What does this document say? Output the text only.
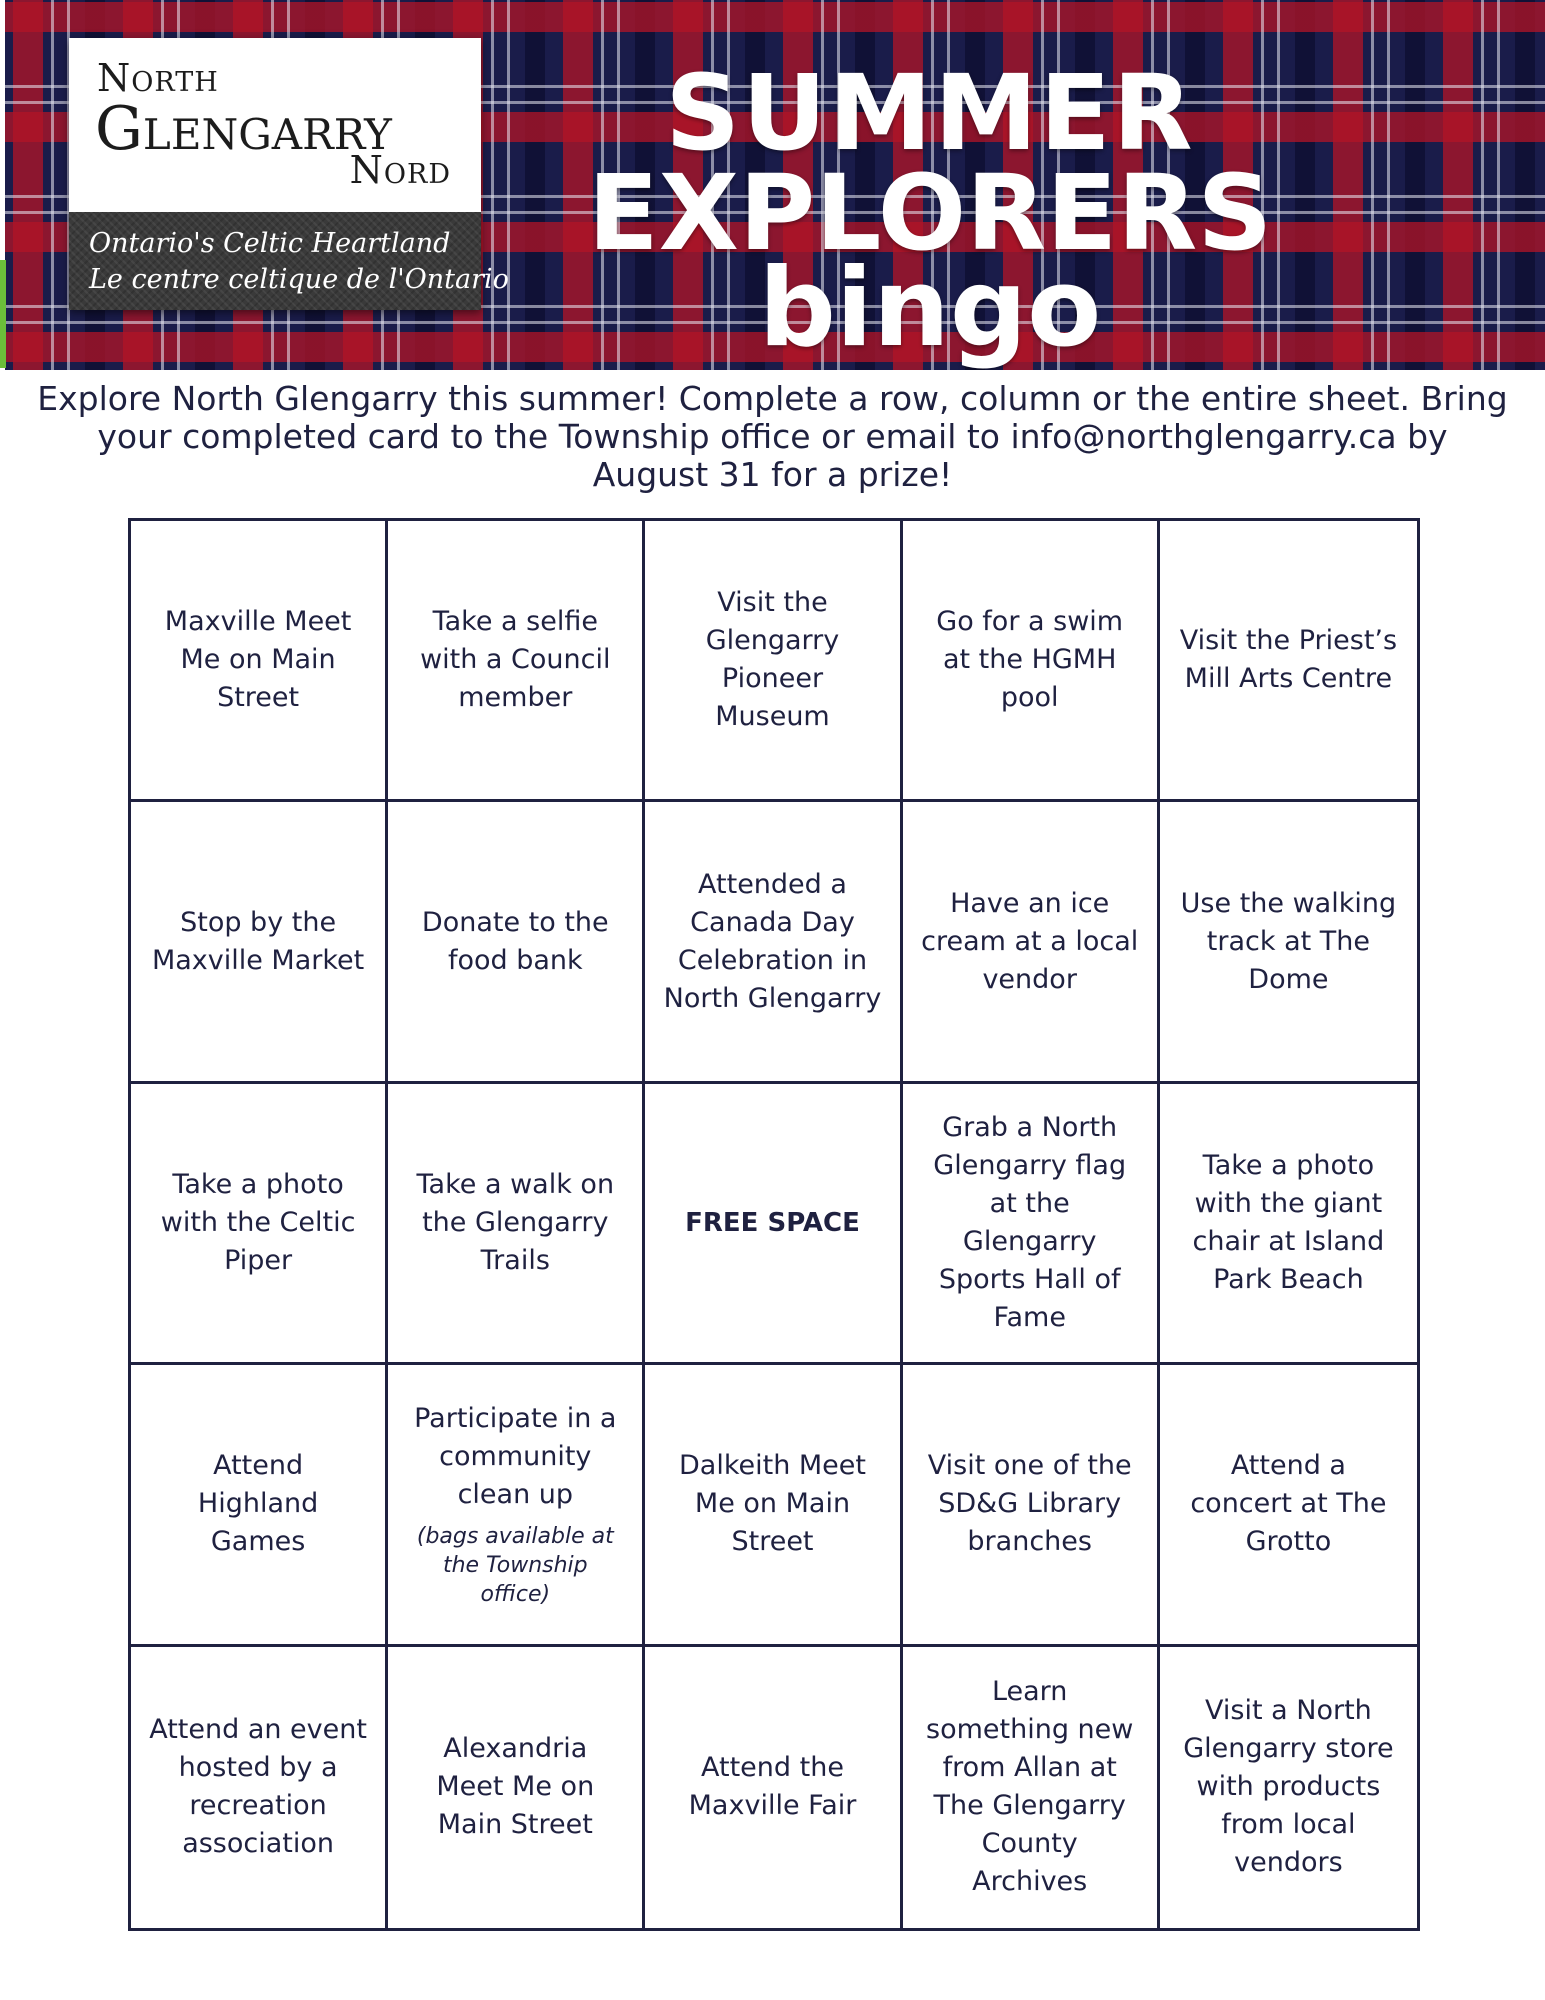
North
Glengarry
Nord
Ontario's Celtic Heartland
Le centre celtique de l'Ontario
SUMMER
EXPLORERS
bingo
Explore North Glengarry this summer! Complete a row, column or the entire sheet. Bring
your completed card to the Township office or email to info@northglengarry.ca by
August 31 for a prize!
Maxville Meet Me on Main Street
Take a selfie with a Council member
Visit the Glengarry Pioneer Museum
Go for a swim at the HGMH pool
Visit the Priest’s Mill Arts Centre
Stop by the Maxville Market
Donate to the food bank
Attended a Canada Day Celebration in North Glengarry
Have an ice cream at a local vendor
Use the walking track at The Dome
Take a photo with the Celtic Piper
Take a walk on the Glengarry Trails
FREE SPACE
Grab a North Glengarry flag at the Glengarry Sports Hall of Fame
Take a photo with the giant chair at Island Park Beach
Attend Highland Games
Participate in a community clean up
(bags available at the Township office)
Dalkeith Meet Me on Main Street
Visit one of the SD&G Library branches
Attend a concert at The Grotto
Attend an event hosted by a recreation association
Alexandria Meet Me on Main Street
Attend the Maxville Fair
Learn something new from Allan at The Glengarry County Archives
Visit a North Glengarry store with products from local vendors
